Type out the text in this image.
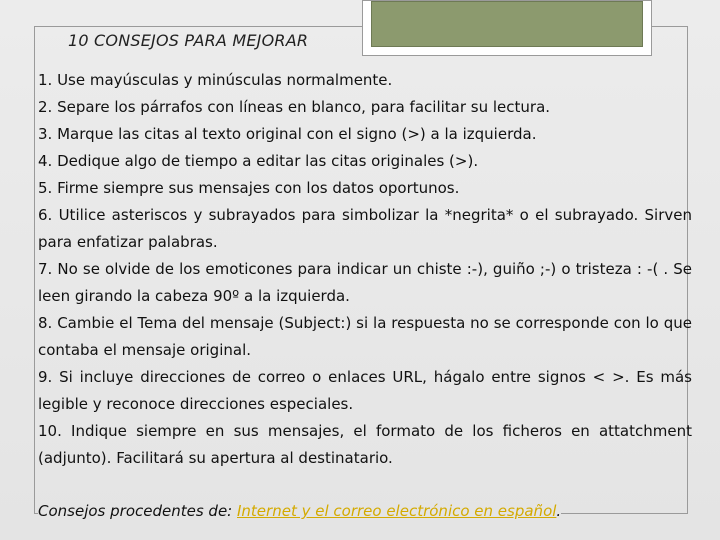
10 CONSEJOS PARA MEJORAR

1. Use mayúsculas y minúsculas normalmente.

2. Separe los párrafos con líneas en blanco, para facilitar su lectura.

3. Marque las citas al texto original con el signo (>) a la izquierda.

4. Dedique algo de tiempo a editar las citas originales (>).

5. Firme siempre sus mensajes con los datos oportunos.

6. Utilice asteriscos y subrayados para simbolizar la *negrita* o el subrayado. Sirven para enfatizar palabras.

7. No se olvide de los emoticones para indicar un chiste :-), guiño ;-) o tristeza : -( . Se leen girando la cabeza 90º a la izquierda.

8. Cambie el Tema del mensaje (Subject:) si la respuesta no se corresponde con lo que contaba el mensaje original.

9. Si incluye direcciones de correo o enlaces URL, hágalo entre signos < >. Es más legible y reconoce direcciones especiales.

10. Indique siempre en sus mensajes, el formato de los ficheros en attatchment (adjunto). Facilitará su apertura al destinatario.

Consejos procedentes de: Internet y el correo electrónico en español.
